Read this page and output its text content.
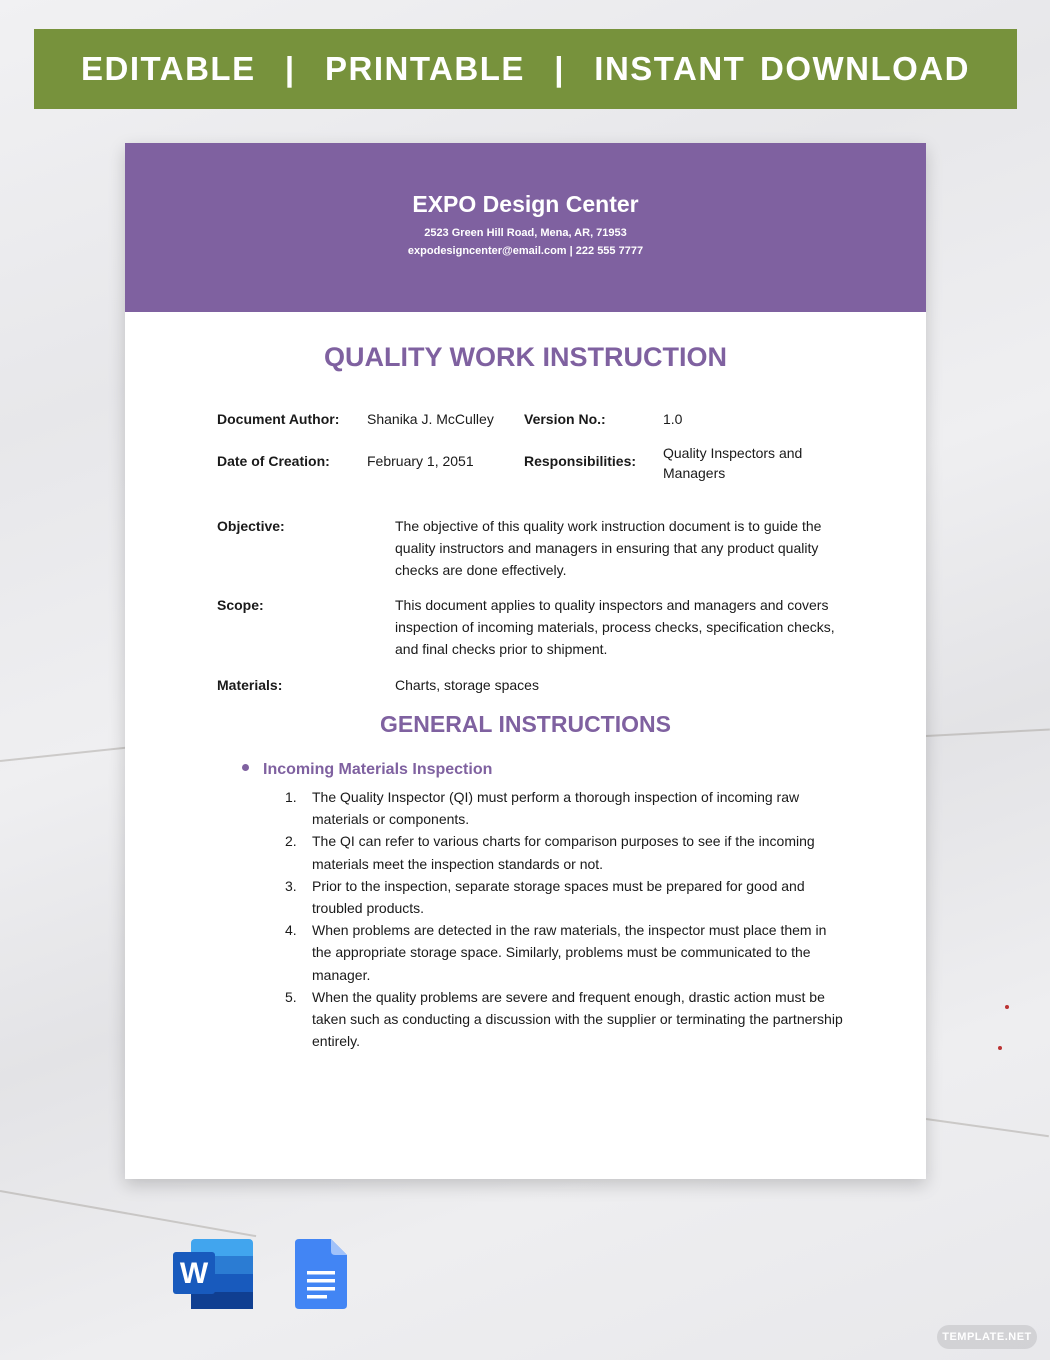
EDITABLE  |  PRINTABLE  |  INSTANT DOWNLOAD
EXPO Design Center
2523 Green Hill Road, Mena, AR, 71953
expodesigncenter@email.com | 222 555 7777
QUALITY WORK INSTRUCTION
Document Author: Shanika J. McCulley Version No.:	1.0
Date of Creation:	February 1, 2051	Responsibilities: Quality Inspectors and Managers
Objective:	The objective of this quality work instruction document is to guide the quality instructors and managers in ensuring that any product quality checks are done effectively.
Scope:	This document applies to quality inspectors and managers and covers inspection of incoming materials, process checks, specification checks, and final checks prior to shipment.
Materials:	Charts, storage spaces
GENERAL INSTRUCTIONS
Incoming Materials Inspection
1. The Quality Inspector (QI) must perform a thorough inspection of incoming raw materials or components.
2. The QI can refer to various charts for comparison purposes to see if the incoming materials meet the inspection standards or not.
3. Prior to the inspection, separate storage spaces must be prepared for good and troubled products.
4. When problems are detected in the raw materials, the inspector must place them in the appropriate storage space. Similarly, problems must be communicated to the manager.
5. When the quality problems are severe and frequent enough, drastic action must be taken such as conducting a discussion with the supplier or terminating the partnership entirely.
W
TEMPLATE.NET
